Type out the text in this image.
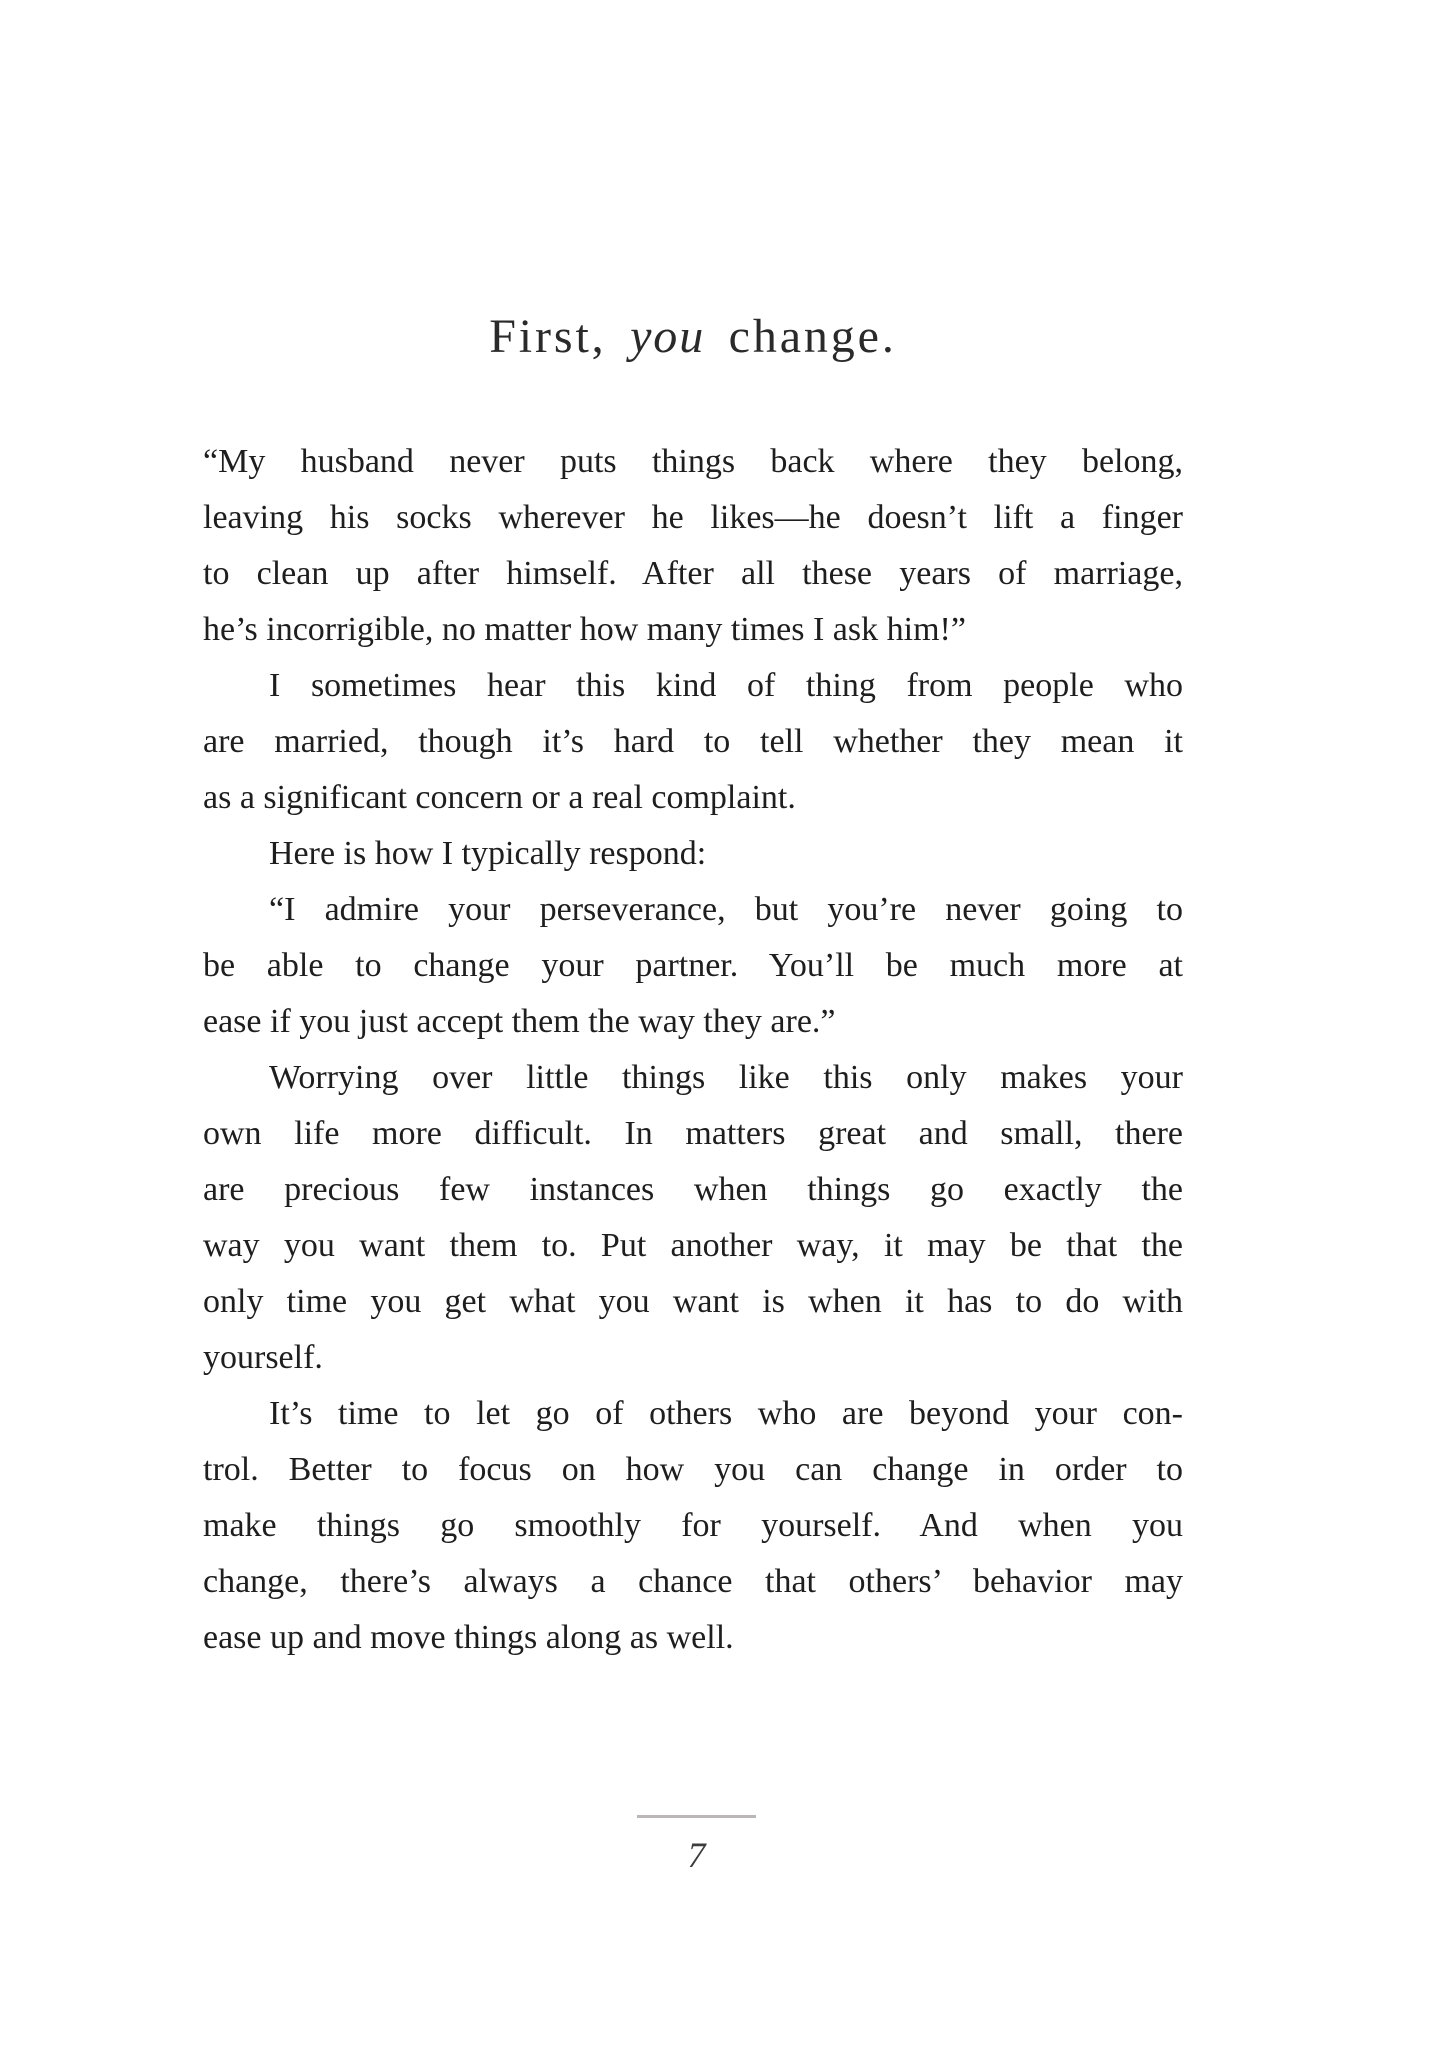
First, you change.
“My husband never puts things back where they belong,
leaving his socks wherever he likes—he doesn’t lift a finger
to clean up after himself. After all these years of marriage,
he’s incorrigible, no matter how many times I ask him!”
I sometimes hear this kind of thing from people who
are married, though it’s hard to tell whether they mean it
as a significant concern or a real complaint.
Here is how I typically respond:
“I admire your perseverance, but you’re never going to
be able to change your partner. You’ll be much more at
ease if you just accept them the way they are.”
Worrying over little things like this only makes your
own life more difficult. In matters great and small, there
are precious few instances when things go exactly the
way you want them to. Put another way, it may be that the
only time you get what you want is when it has to do with
yourself.
It’s time to let go of others who are beyond your con-
trol. Better to focus on how you can change in order to
make things go smoothly for yourself. And when you
change, there’s always a chance that others’ behavior may
ease up and move things along as well.
7
